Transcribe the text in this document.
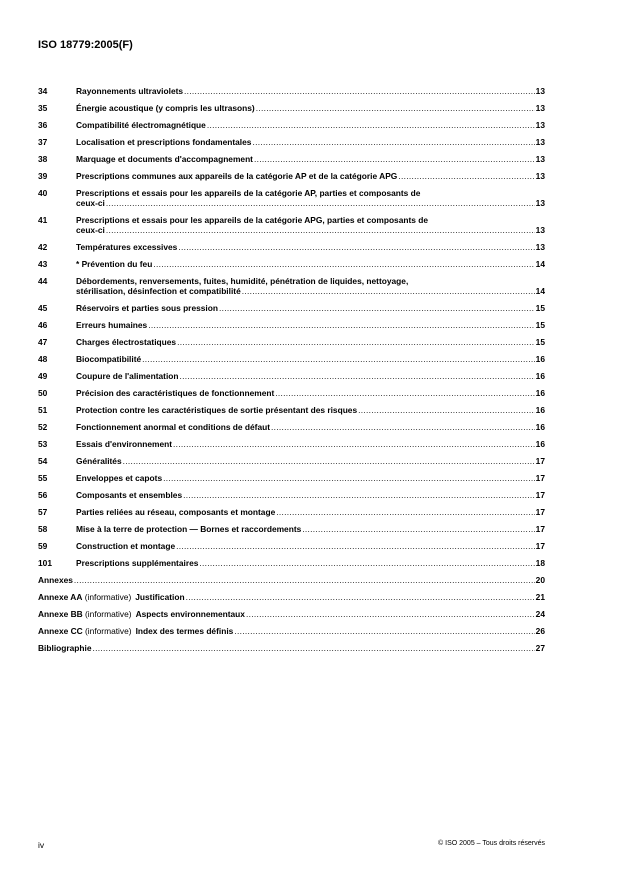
ISO 18779:2005(F)
34	Rayonnements ultraviolets .....	13
35	Énergie acoustique (y compris les ultrasons) .....	13
36	Compatibilité électromagnétique .....	13
37	Localisation et prescriptions fondamentales .....	13
38	Marquage et documents d'accompagnement .....	13
39	Prescriptions communes aux appareils de la catégorie AP et de la catégorie APG .....	13
40	Prescriptions et essais pour les appareils de la catégorie AP, parties et composants de
ceux-ci .....	13
41	Prescriptions et essais pour les appareils de la catégorie APG, parties et composants de
ceux-ci .....	13
42	Températures excessives .....	13
43	* Prévention du feu .....	14
44	Débordements, renversements, fuites, humidité, pénétration de liquides, nettoyage,
stérilisation, désinfection et compatibilité .....	14
45	Réservoirs et parties sous pression .....	15
46	Erreurs humaines .....	15
47	Charges électrostatiques .....	15
48	Biocompatibilité .....	16
49	Coupure de l'alimentation .....	16
50	Précision des caractéristiques de fonctionnement .....	16
51	Protection contre les caractéristiques de sortie présentant des risques .....	16
52	Fonctionnement anormal et conditions de défaut .....	16
53	Essais d'environnement .....	16
54	Généralités .....	17
55	Enveloppes et capots .....	17
56	Composants et ensembles .....	17
57	Parties reliées au réseau, composants et montage .....	17
58	Mise à la terre de protection — Bornes et raccordements .....	17
59	Construction et montage .....	17
101	Prescriptions supplémentaires .....	18
Annexes .....	20
Annexe AA
(informative) Justification .....	21
Annexe BB
(informative) Aspects environnementaux .....	24
Annexe CC
(informative) Index des termes définis .....	26
Bibliographie .....	27
iv	© ISO 2005 – Tous droits réservés
